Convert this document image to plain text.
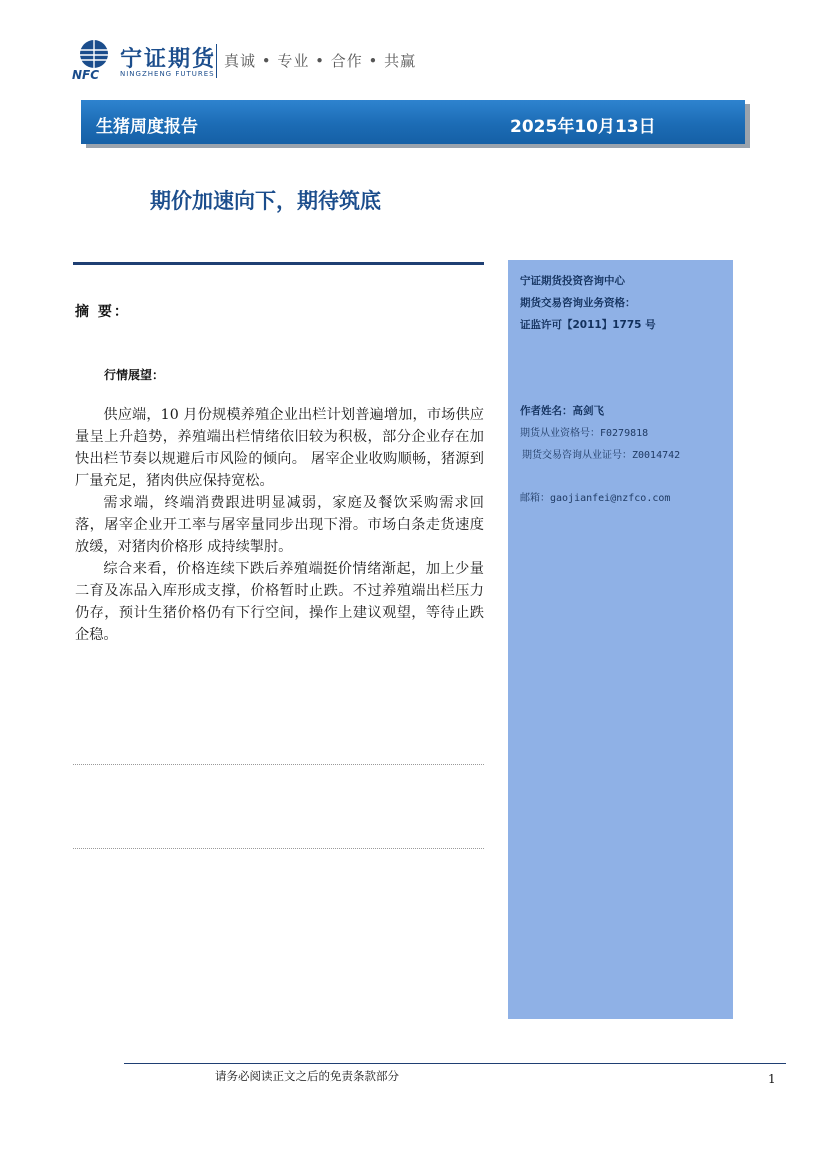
NFC
宁证期货
NINGZHENG FUTURES
真诚 • 专业 • 合作 • 共赢
生猪周度报告	2025年10月13日
期价加速向下，期待筑底
摘 要：
行情展望：

供应端，10 月份规模养殖企业出栏计划普遍增加，市场供应量呈上升趋势，养殖端出栏情绪依旧较为积极，部分企业存在加快出栏节奏以规避后市风险的倾向。 屠宰企业收购顺畅，猪源到厂量充足，猪肉供应保持宽松。

需求端，终端消费跟进明显减弱，家庭及餐饮采购需求回落，屠宰企业开工率与屠宰量同步出现下滑。市场白条走货速度放缓，对猪肉价格形 成持续掣肘。

综合来看，价格连续下跌后养殖端挺价情绪渐起，加上少量二育及冻品入库形成支撑，价格暂时止跌。不过养殖端出栏压力仍存，预计生猪价格仍有下行空间，操作上建议观望，等待止跌企稳。

宁证期货投资咨询中心
期货交易咨询业务资格：
证监许可【2011】1775 号
作者姓名：高剑飞
期货从业资格号：F0279818
期货交易咨询从业证号：Z0014742
邮箱：gaojianfei@nzfco.com
请务必阅读正文之后的免责条款部分	1
